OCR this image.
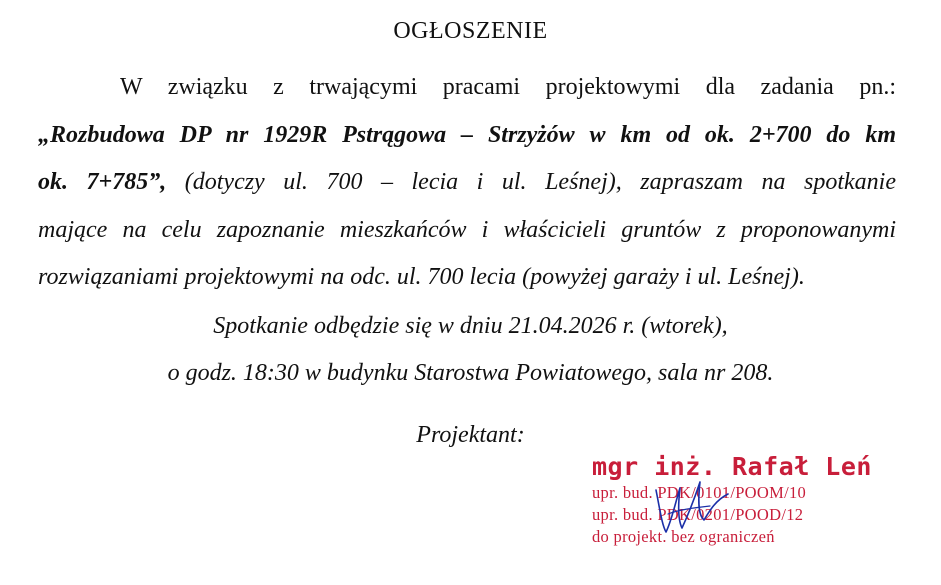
OGŁOSZENIE
W związku z trwającymi pracami projektowymi dla zadania pn.:
„Rozbudowa DP nr 1929R Pstrągowa – Strzyżów w km od ok. 2+700 do km
ok. 7+785”, (dotyczy ul. 700 – lecia i ul. Leśnej), zapraszam na spotkanie
mające na celu zapoznanie mieszkańców i właścicieli gruntów z proponowanymi
rozwiązaniami projektowymi na odc. ul. 700 lecia (powyżej garaży i ul. Leśnej).
Spotkanie odbędzie się w dniu 21.04.2026 r. (wtorek),
o godz. 18:30 w budynku Starostwa Powiatowego, sala nr 208.
Projektant:
mgr inż. Rafał Leń
upr. bud. PDK/0101/POOM/10
upr. bud. PDK/0201/POOD/12
do projekt. bez ograniczeń
